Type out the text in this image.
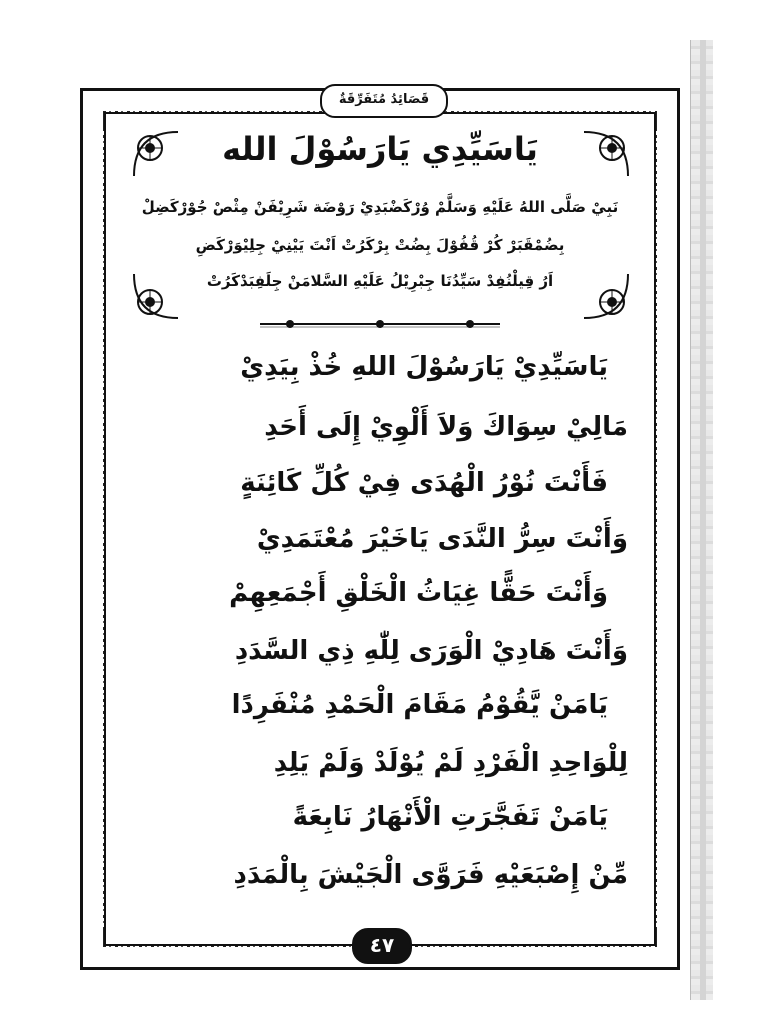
قَصَائِدُ مُتَفَرِّقَةٌ
يَاسَيِّدِي يَارَسُوْلَ الله
نَبِيْ صَلَّى اللهُ عَلَيْهِ وَسَلَّمْ وُرْكَضْبَدِيْ رَوْضَة شَرِيْفَنْ مِثْصْ جُوْرْكَضِلْ
بِضُمْقَبَرْ كُرْ قُفُوْلَ بِضُتْ بِرْكَرُتْ اَنْتَ يَيْنِيْ جِلِيْوَرْكَضِ
اَرُ قِيلْنُفِدْ سَيِّدُنَا جِبْرِيْلُ عَلَيْهِ السَّلامَنْ جِلَفِبَدْكَرُتْ
يَاسَيِّدِيْ يَارَسُوْلَ اللهِ خُذْ بِيَدِيْ
مَالِيْ سِوَاكَ وَلاَ أَلْوِيْ إِلَى أَحَدِ
فَأَنْتَ نُوْرُ الْهُدَى فِيْ كُلِّ كَائِنَةٍ
وَأَنْتَ سِرُّ النَّدَى يَاخَيْرَ مُعْتَمَدِيْ
وَأَنْتَ حَقًّا غِيَاثُ الْخَلْقِ أَجْمَعِهِمْ
وَأَنْتَ هَادِيْ الْوَرَى لِلّٰهِ ذِي السَّدَدِ
يَامَنْ يَّقُوْمُ مَقَامَ الْحَمْدِ مُنْفَرِدًا
لِلْوَاحِدِ الْفَرْدِ لَمْ يُوْلَدْ وَلَمْ يَلِدِ
يَامَنْ تَفَجَّرَتِ الْأَنْهَارُ نَابِعَةً
مِّنْ إِصْبَعَيْهِ فَرَوَّى الْجَيْشَ بِالْمَدَدِ
٤٧
